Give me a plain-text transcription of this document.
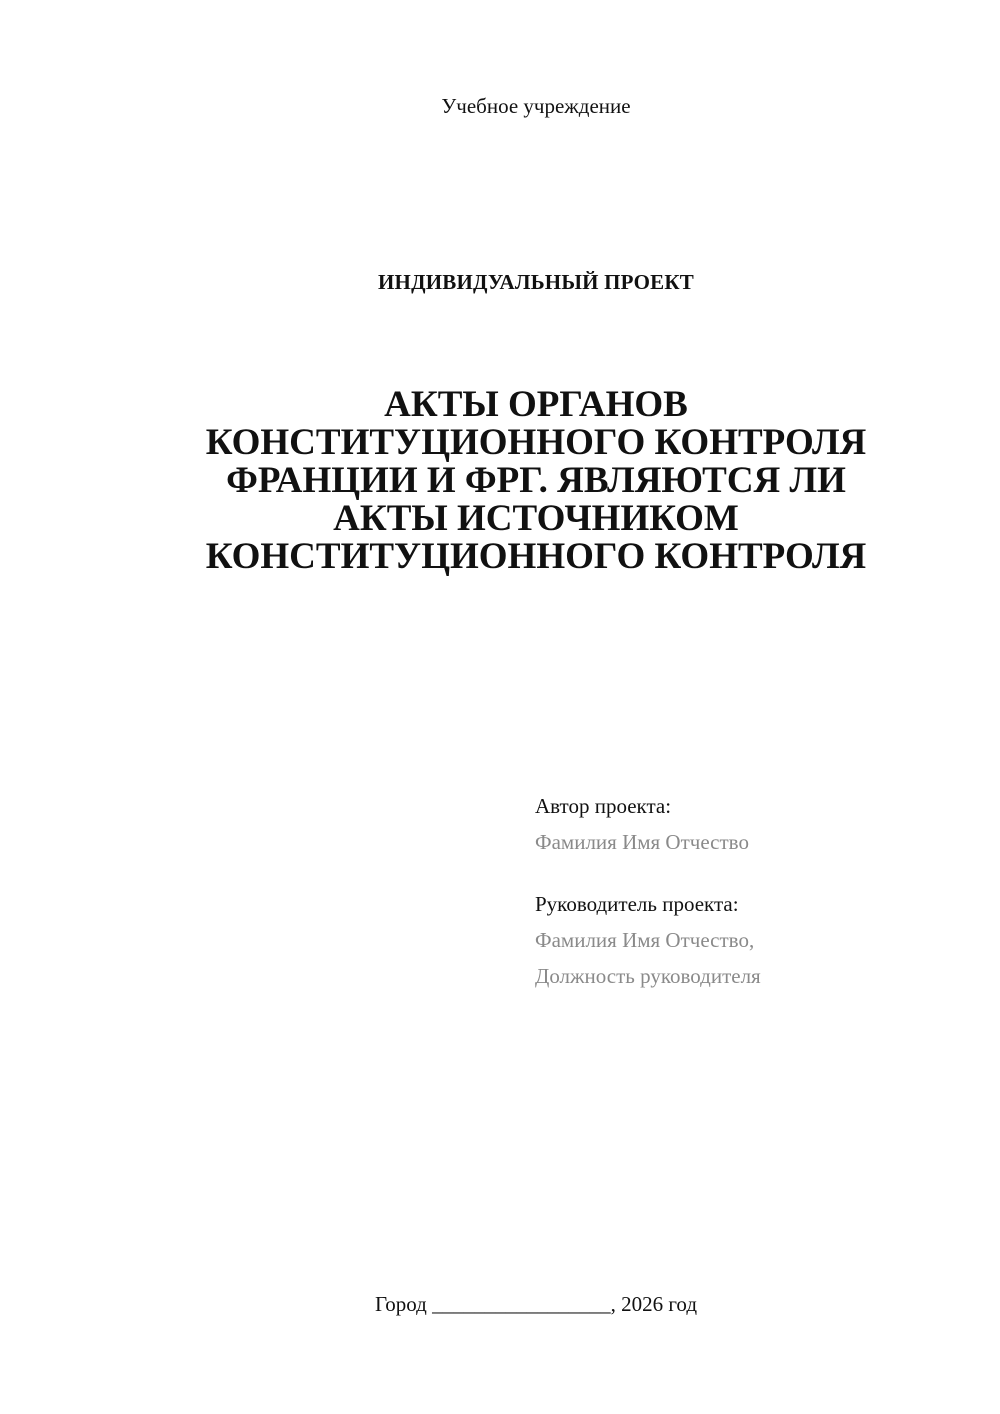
Учебное учреждение
ИНДИВИДУАЛЬНЫЙ ПРОЕКТ
АКТЫ ОРГАНОВ
КОНСТИТУЦИОННОГО КОНТРОЛЯ
ФРАНЦИИ И ФРГ. ЯВЛЯЮТСЯ ЛИ
АКТЫ ИСТОЧНИКОМ
КОНСТИТУЦИОННОГО КОНТРОЛЯ
Автор проекта:
Фамилия Имя Отчество
Руководитель проекта:
Фамилия Имя Отчество,
Должность руководителя
Город _________________, 2026 год
